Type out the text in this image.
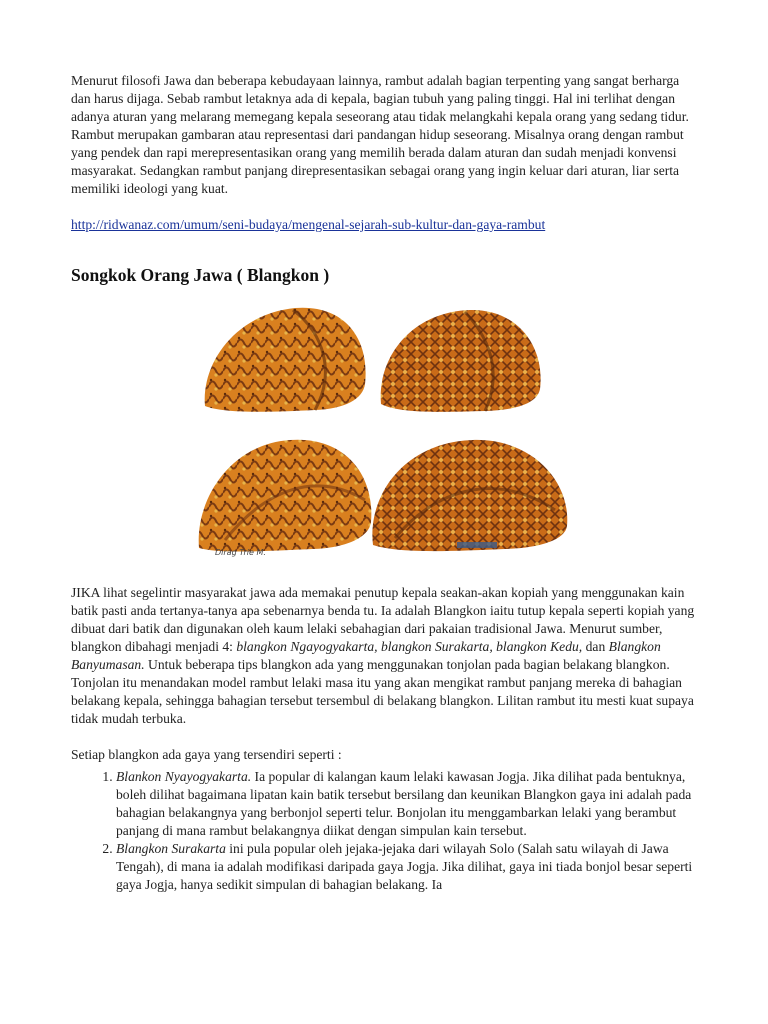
Menurut filosofi Jawa dan beberapa kebudayaan lainnya, rambut adalah bagian terpenting yang sangat berharga dan harus dijaga. Sebab rambut letaknya ada di kepala, bagian tubuh yang paling tinggi. Hal ini terlihat dengan adanya aturan yang melarang memegang kepala seseorang atau tidak melangkahi kepala orang yang sedang tidur. Rambut merupakan gambaran atau representasi dari pandangan hidup seseorang. Misalnya orang dengan rambut yang pendek dan rapi merepresentasikan orang yang memilih berada dalam aturan dan sudah menjadi konvensi masyarakat. Sedangkan rambut panjang direpresentasikan sebagai orang yang ingin keluar dari aturan, liar serta memiliki ideologi yang kuat.

http://ridwanaz.com/umum/seni-budaya/mengenal-sejarah-sub-kultur-dan-gaya-rambut
Songkok Orang Jawa ( Blangkon )
Dirag Trie M.

JIKA lihat segelintir masyarakat jawa ada memakai penutup kepala seakan-akan kopiah yang menggunakan kain batik pasti anda tertanya-tanya apa sebenarnya benda tu. Ia adalah Blangkon iaitu tutup kepala seperti kopiah yang dibuat dari batik dan digunakan oleh kaum lelaki sebahagian dari pakaian tradisional Jawa. Menurut sumber, blangkon dibahagi menjadi 4: blangkon Ngayogyakarta, blangkon Surakarta, blangkon Kedu, dan Blangkon Banyumasan. Untuk beberapa tips blangkon ada yang menggunakan tonjolan pada bagian belakang blangkon. Tonjolan itu menandakan model rambut lelaki masa itu yang akan mengikat rambut panjang mereka di bahagian belakang kepala, sehingga bahagian tersebut tersembul di belakang blangkon. Lilitan rambut itu mesti kuat supaya tidak mudah terbuka.

Setiap blangkon ada gaya yang tersendiri seperti :

1. Blankon Nyayogyakarta. Ia popular di kalangan kaum lelaki kawasan Jogja. Jika dilihat pada bentuknya, boleh dilihat bagaimana lipatan kain batik tersebut bersilang dan keunikan Blangkon gaya ini adalah pada bahagian belakangnya yang berbonjol seperti telur. Bonjolan itu menggambarkan lelaki yang berambut panjang di mana rambut belakangnya diikat dengan simpulan kain tersebut.
2. Blangkon Surakarta ini pula popular oleh jejaka-jejaka dari wilayah Solo (Salah satu wilayah di Jawa Tengah), di mana ia adalah modifikasi daripada gaya Jogja. Jika dilihat, gaya ini tiada bonjol besar seperti gaya Jogja, hanya sedikit simpulan di bahagian belakang. Ia
